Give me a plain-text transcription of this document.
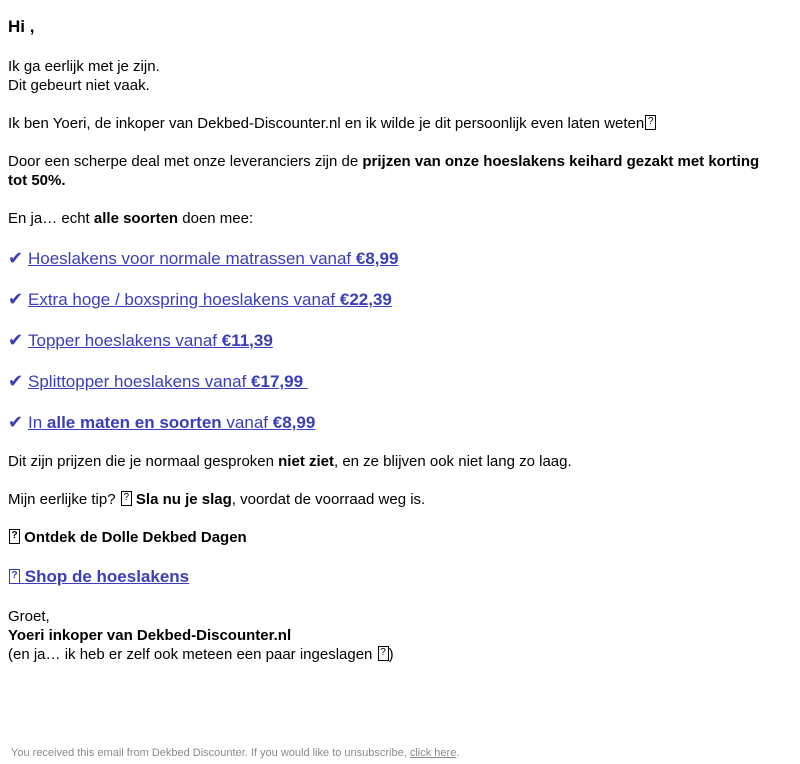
Hi ,
Ik ga eerlijk met je zijn.
Dit gebeurt niet vaak.
Ik ben Yoeri, de inkoper van Dekbed-Discounter.nl en ik wilde je dit persoonlijk even laten weten?
Door een scherpe deal met onze leveranciers zijn de prijzen van onze hoeslakens keihard gezakt met korting tot 50%.
En ja… echt alle soorten doen mee:
✔ Hoeslakens voor normale matrassen vanaf €8,99
✔ Extra hoge / boxspring hoeslakens vanaf €22,39
✔ Topper hoeslakens vanaf €11,39
✔ Splittopper hoeslakens vanaf €17,99
✔ In alle maten en soorten vanaf €8,99
Dit zijn prijzen die je normaal gesproken niet ziet, en ze blijven ook niet lang zo laag.
Mijn eerlijke tip? ? Sla nu je slag, voordat de voorraad weg is.
? Ontdek de Dolle Dekbed Dagen
? Shop de hoeslakens
Groet,
Yoeri inkoper van Dekbed-Discounter.nl
(en ja… ik heb er zelf ook meteen een paar ingeslagen ?)
You received this email from Dekbed Discounter. If you would like to unsubscribe, click here.
